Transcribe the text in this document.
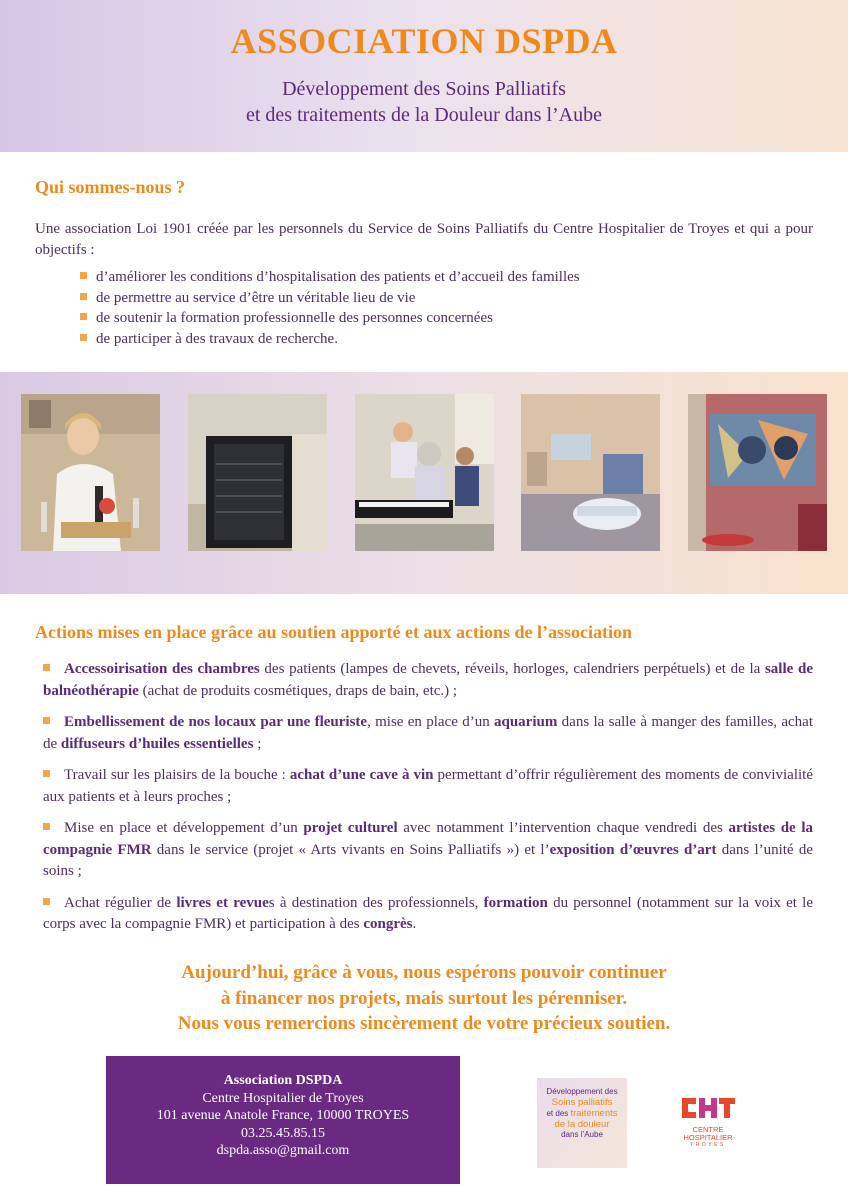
ASSOCIATION DSPDA
Développement des Soins Palliatifs
et des traitements de la Douleur dans l’Aube
Qui sommes-nous ?
Une association Loi 1901 créée par les personnels du Service de Soins Palliatifs du Centre Hospitalier de Troyes et qui a pour objectifs :
d’améliorer les conditions d’hospitalisation des patients et d’accueil des familles
de permettre au service d’être un véritable lieu de vie
de soutenir la formation professionnelle des personnes concernées
de participer à des travaux de recherche.
Actions mises en place grâce au soutien apporté et aux actions de l’association

Accessoirisation des chambres des patients (lampes de chevets, réveils, horloges, calendriers perpétuels) et de la salle de balnéothérapie (achat de produits cosmétiques, draps de bain, etc.) ;

Embellissement de nos locaux par une fleuriste, mise en place d’un aquarium dans la salle à manger des familles, achat de diffuseurs d’huiles essentielles ;

Travail sur les plaisirs de la bouche : achat d’une cave à vin permettant d’offrir régulièrement des moments de convivialité aux patients et à leurs proches ;

Mise en place et développement d’un projet culturel avec notamment l’intervention chaque vendredi des artistes de la compagnie FMR dans le service (projet « Arts vivants en Soins Palliatifs ») et l’exposition d’œuvres d’art dans l’unité de soins ;

Achat régulier de livres et revues à destination des professionnels, formation du personnel (notamment sur la voix et le corps avec la compagnie FMR) et participation à des congrès.

Aujourd’hui, grâce à vous, nous espérons pouvoir continuer
à financer nos projets, mais surtout les pérenniser.
Nous vous remercions sincèrement de votre précieux soutien.
Association DSPDA
Centre Hospitalier de Troyes
101 avenue Anatole France, 10000 TROYES
03.25.45.85.15
dspda.asso@gmail.com
Développement des
Soins palliatifs
et des traitements
de la douleur
dans l’Aube
CENTRE
HOSPITALIER
TROYES
